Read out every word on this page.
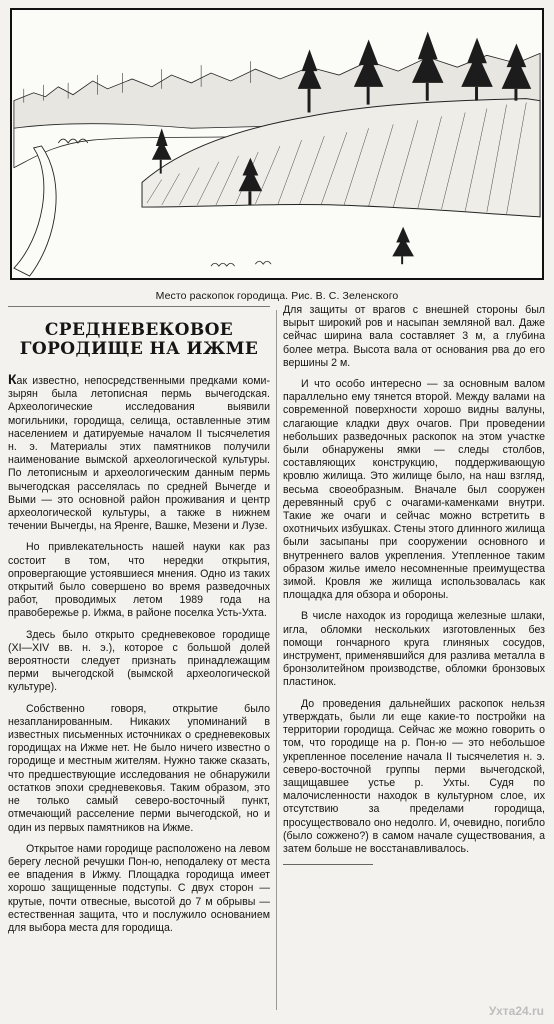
Место раскопок городища. Рис. В. С. Зеленского
СРЕДНЕВЕКОВОЕ
ГОРОДИЩЕ НА ИЖМЕ

Как известно, непосредственными предками коми-зырян была летописная пермь вычегодская. Археологические исследования выявили могильники, городища, селища, оставленные этим населением и датируемые началом II тысячелетия н. э. Материалы этих памятников получили наименование вымской археологической культуры. По летописным и археологическим данным пермь вычегодская расселялась по средней Вычегде и Выми — это основной район проживания и центр археологической культуры, а также в нижнем течении Вычегды, на Яренге, Вашке, Мезени и Лузе.

Но привлекательность нашей науки как раз состоит в том, что нередки открытия, опровергающие устоявшиеся мнения. Одно из таких открытий было совершено во время разведочных работ, проводимых летом 1989 года на правобережье р. Ижма, в районе поселка Усть-Ухта.

Здесь было открыто средневековое городище (XI—XIV вв. н. э.), которое с большой долей вероятности следует признать принадлежащим перми вычегодской (вымской археологической культуре).

Собственно говоря, открытие было незапланированным. Никаких упоминаний в известных письменных источниках о средневековых городищах на Ижме нет. Не было ничего известно о городище и местным жителям. Нужно также сказать, что предшествующие исследования не обнаружили остатков эпохи средневековья. Таким образом, это не только самый северо-восточный пункт, отмечающий расселение перми вычегодской, но и один из первых памятников на Ижме.

Открытое нами городище расположено на левом берегу лесной речушки Пон-ю, неподалеку от места ее впадения в Ижму. Площадка городища имеет хорошо защищенные подступы. С двух сторон — крутые, почти отвесные, высотой до 7 м обрывы — естественная защита, что и послужило основанием для выбора места для городища.

Для защиты от врагов с внешней стороны был вырыт широкий ров и насыпан земляной вал. Даже сейчас ширина вала составляет 3 м, а глубина более метра. Высота вала от основания рва до его вершины 2 м.

И что особо интересно — за основным валом параллельно ему тянется второй. Между валами на современной поверхности хорошо видны валуны, слагающие кладки двух очагов. При проведении небольших разведочных раскопок на этом участке были обнаружены ямки — следы столбов, составляющих конструкцию, поддерживающую кровлю жилища. Это жилище было, на наш взгляд, весьма своеобразным. Вначале был сооружен деревянный сруб с очагами-каменками внутри. Такие же очаги и сейчас можно встретить в охотничьих избушках. Стены этого длинного жилища были засыпаны при сооружении основного и внутреннего валов укрепления. Утепленное таким образом жилье имело несомненные преимущества зимой. Кровля же жилища использовалась как площадка для обзора и обороны.

В числе находок из городища железные шлаки, игла, обломки нескольких изготовленных без помощи гончарного круга глиняных сосудов, инструмент, применявшийся для разлива металла в бронзолитейном производстве, обломки бронзовых пластинок.

До проведения дальнейших раскопок нельзя утверждать, были ли еще какие-то постройки на территории городища. Сейчас же можно говорить о том, что городище на р. Пон-ю — это небольшое укрепленное поселение начала II тысячелетия н. э. северо-восточной группы перми вычегодской, защищавшее устье р. Ухты. Судя по малочисленности находок в культурном слое, их отсутствию за пределами городища, просуществовало оно недолго. И, очевидно, погибло (было сожжено?) в самом начале существования, а затем больше не восстанавливалось.

Ухта24.ru
